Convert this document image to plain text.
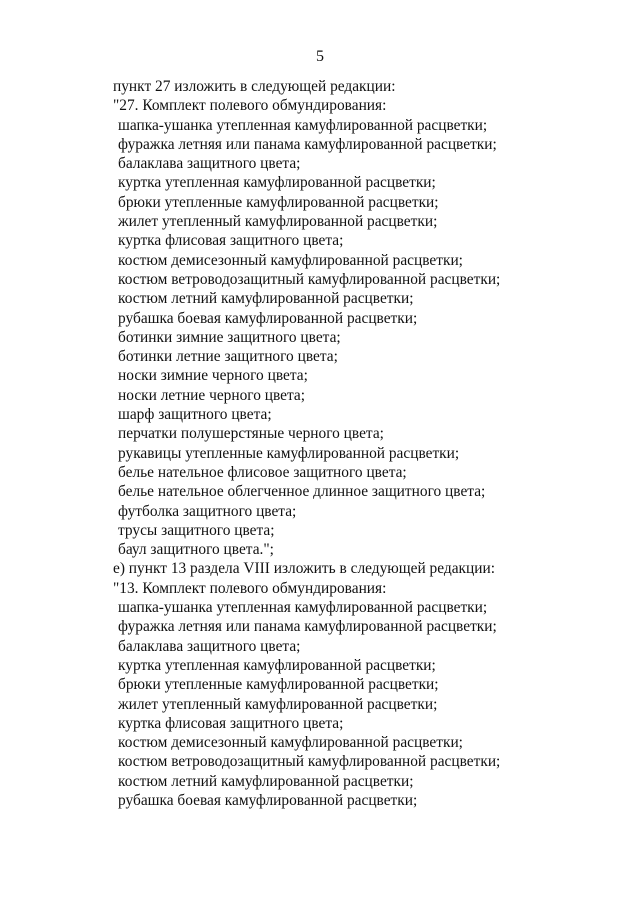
5
пункт 27 изложить в следующей редакции:
"27. Комплект полевого обмундирования:
шапка-ушанка утепленная камуфлированной расцветки;
фуражка летняя или панама камуфлированной расцветки;
балаклава защитного цвета;
куртка утепленная камуфлированной расцветки;
брюки утепленные камуфлированной расцветки;
жилет утепленный камуфлированной расцветки;
куртка флисовая защитного цвета;
костюм демисезонный камуфлированной расцветки;
костюм ветроводозащитный камуфлированной расцветки;
костюм летний камуфлированной расцветки;
рубашка боевая камуфлированной расцветки;
ботинки зимние защитного цвета;
ботинки летние защитного цвета;
носки зимние черного цвета;
носки летние черного цвета;
шарф защитного цвета;
перчатки полушерстяные черного цвета;
рукавицы утепленные камуфлированной расцветки;
белье нательное флисовое защитного цвета;
белье нательное облегченное длинное защитного цвета;
футболка защитного цвета;
трусы защитного цвета;
баул защитного цвета.";
е) пункт 13 раздела VIII изложить в следующей редакции:
"13. Комплект полевого обмундирования:
шапка-ушанка утепленная камуфлированной расцветки;
фуражка летняя или панама камуфлированной расцветки;
балаклава защитного цвета;
куртка утепленная камуфлированной расцветки;
брюки утепленные камуфлированной расцветки;
жилет утепленный камуфлированной расцветки;
куртка флисовая защитного цвета;
костюм демисезонный камуфлированной расцветки;
костюм ветроводозащитный камуфлированной расцветки;
костюм летний камуфлированной расцветки;
рубашка боевая камуфлированной расцветки;
